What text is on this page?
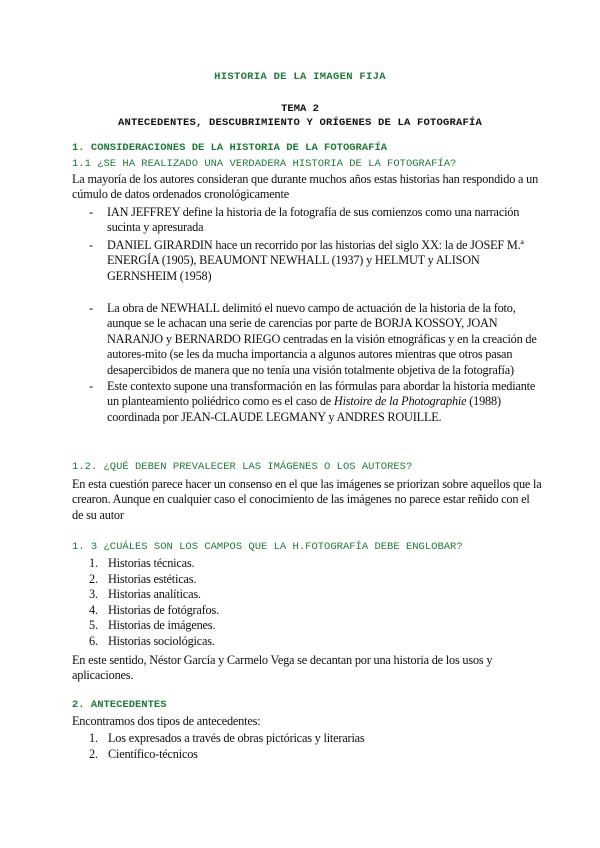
HISTORIA DE LA IMAGEN FIJA
TEMA 2
ANTECEDENTES, DESCUBRIMIENTO Y ORÍGENES DE LA FOTOGRAFÍA
1. CONSIDERACIONES DE LA HISTORIA DE LA FOTOGRAFÍA
1.1 ¿SE HA REALIZADO UNA VERDADERA HISTORIA DE LA FOTOGRAFÍA?
La mayoría de los autores consideran que durante muchos años estas historias han respondido a un cúmulo de datos ordenados cronológicamente
- IAN JEFFREY define la historia de la fotografía de sus comienzos como una narración sucinta y apresurada
- DANIEL GIRARDIN hace un recorrido por las historias del siglo XX: la de JOSEF M.ª ENERGÍA (1905), BEAUMONT NEWHALL (1937) y HELMUT y ALISON GERNSHEIM (1958)
- La obra de NEWHALL delimitó el nuevo campo de actuación de la historia de la foto, aunque se le achacan una serie de carencias por parte de BORJA KOSSOY, JOAN NARANJO y BERNARDO RIEGO centradas en la visión etnográficas y en la creación de autores-mito (se les da mucha importancia a algunos autores mientras que otros pasan desapercibidos de manera que no tenía una visión totalmente objetiva de la fotografía)
- Este contexto supone una transformación en las fórmulas para abordar la historia mediante un planteamiento poliédrico como es el caso de Histoire de la Photographie (1988) coordinada por JEAN-CLAUDE LEGMANY y ANDRES ROUILLE.
1.2. ¿QUÉ DEBEN PREVALECER LAS IMÁGENES O LOS AUTORES?
En esta cuestión parece hacer un consenso en el que las imágenes se priorizan sobre aquellos que la crearon. Aunque en cualquier caso el conocimiento de las imágenes no parece estar reñido con el de su autor
1. 3 ¿CUÁLES SON LOS CAMPOS QUE LA H.FOTOGRAFÍA DEBE ENGLOBAR?
1. Historias técnicas.
2. Historias estéticas.
3. Historias analíticas.
4. Historias de fotógrafos.
5. Historias de imágenes.
6. Historias sociológicas.
En este sentido, Néstor García y Carmelo Vega se decantan por una historia de los usos y aplicaciones.
2. ANTECEDENTES
Encontramos dos tipos de antecedentes:
1. Los expresados a través de obras pictóricas y literarias
2. Científico-técnicos
